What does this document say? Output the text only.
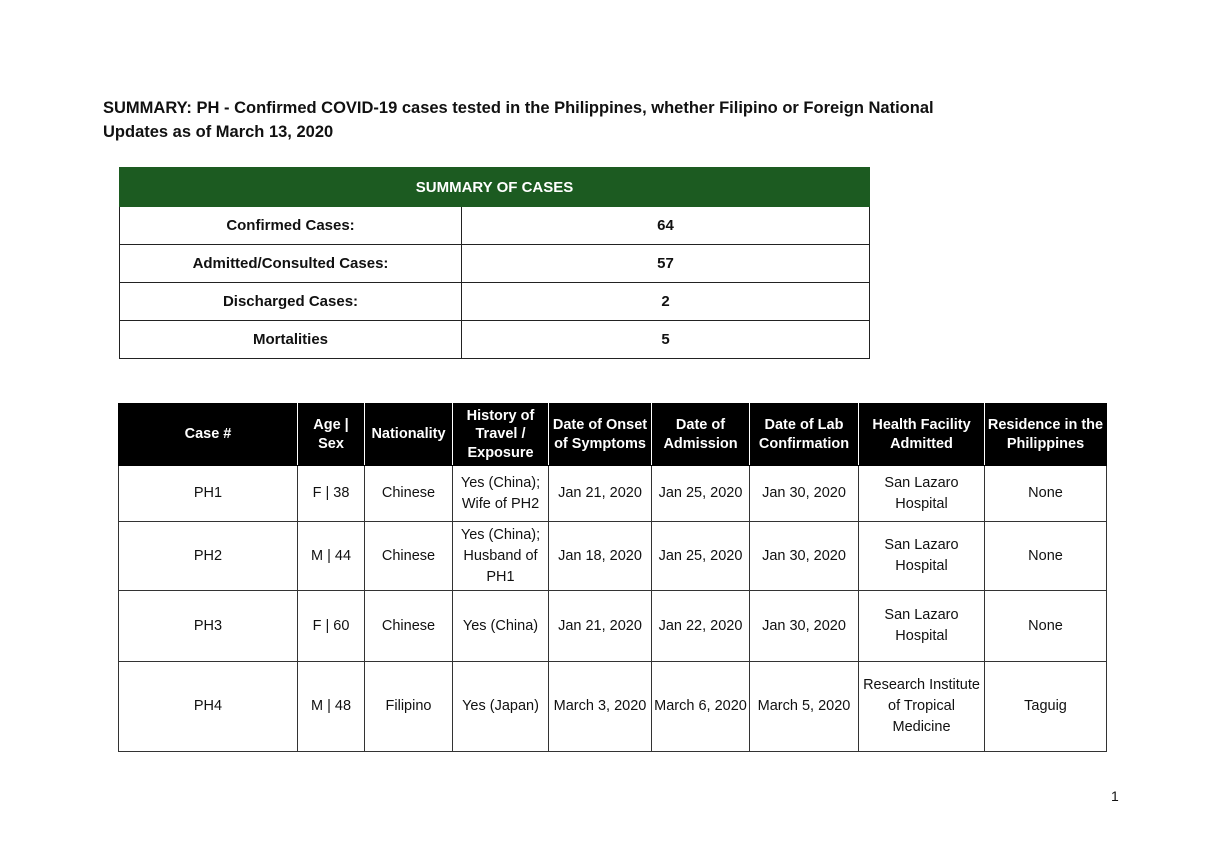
SUMMARY: PH - Confirmed COVID-19 cases tested in the Philippines, whether Filipino or Foreign National
Updates as of March 13, 2020
SUMMARY OF CASES	
Confirmed Cases:	64
Admitted/Consulted Cases:	57
Discharged Cases:	2
Mortalities	5
Case #	Age | Sex	Nationality	History of Travel / Exposure	Date of Onset of Symptoms	Date of Admission	Date of Lab Confirmation	Health Facility Admitted	Residence in the Philippines
PH1	F | 38	Chinese	Yes (China); Wife of PH2	Jan 21, 2020	Jan 25, 2020	Jan 30, 2020	San Lazaro Hospital	None
PH2	M | 44	Chinese	Yes (China); Husband of PH1	Jan 18, 2020	Jan 25, 2020	Jan 30, 2020	San Lazaro Hospital	None
PH3	F | 60	Chinese	Yes (China)	Jan 21, 2020	Jan 22, 2020	Jan 30, 2020	San Lazaro Hospital	None
PH4	M | 48	Filipino	Yes (Japan)	March 3, 2020	March 6, 2020	March 5, 2020	Research Institute of Tropical Medicine	Taguig
1
